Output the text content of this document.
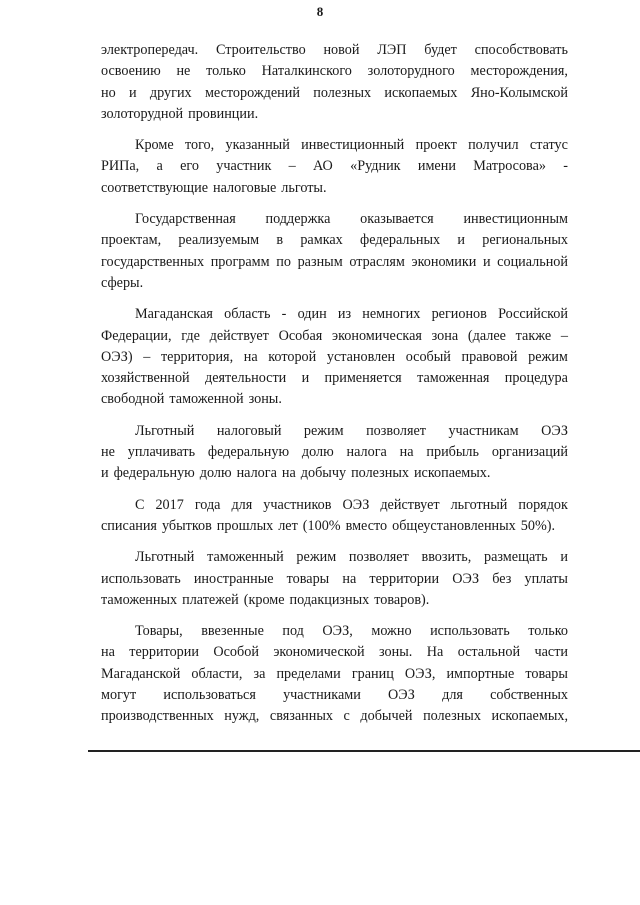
8
электропередач. Строительство новой ЛЭП будет способствовать
освоению не только Наталкинского золоторудного месторождения,
но и других месторождений полезных ископаемых Яно-Колымской
золоторудной провинции.
Кроме того, указанный инвестиционный проект получил статус
РИПа, а его участник – АО «Рудник имени Матросова» -
соответствующие налоговые льготы.
Государственная поддержка оказывается инвестиционным
проектам, реализуемым в рамках федеральных и региональных
государственных программ по разным отраслям экономики и социальной
сферы.
Магаданская область - один из немногих регионов Российской
Федерации, где действует Особая экономическая зона (далее также –
ОЭЗ) – территория, на которой установлен особый правовой режим
хозяйственной деятельности и применяется таможенная процедура
свободной таможенной зоны.
Льготный налоговый режим позволяет участникам ОЭЗ
не уплачивать федеральную долю налога на прибыль организаций
и федеральную долю налога на добычу полезных ископаемых.
С 2017 года для участников ОЭЗ действует льготный порядок
списания убытков прошлых лет (100% вместо общеустановленных 50%).
Льготный таможенный режим позволяет ввозить, размещать и
использовать иностранные товары на территории ОЭЗ без уплаты
таможенных платежей (кроме подакцизных товаров).
Товары, ввезенные под ОЭЗ, можно использовать только
на территории Особой экономической зоны. На остальной части
Магаданской области, за пределами границ ОЭЗ, импортные товары
могут использоваться участниками ОЭЗ для собственных
производственных нужд, связанных с добычей полезных ископаемых,
